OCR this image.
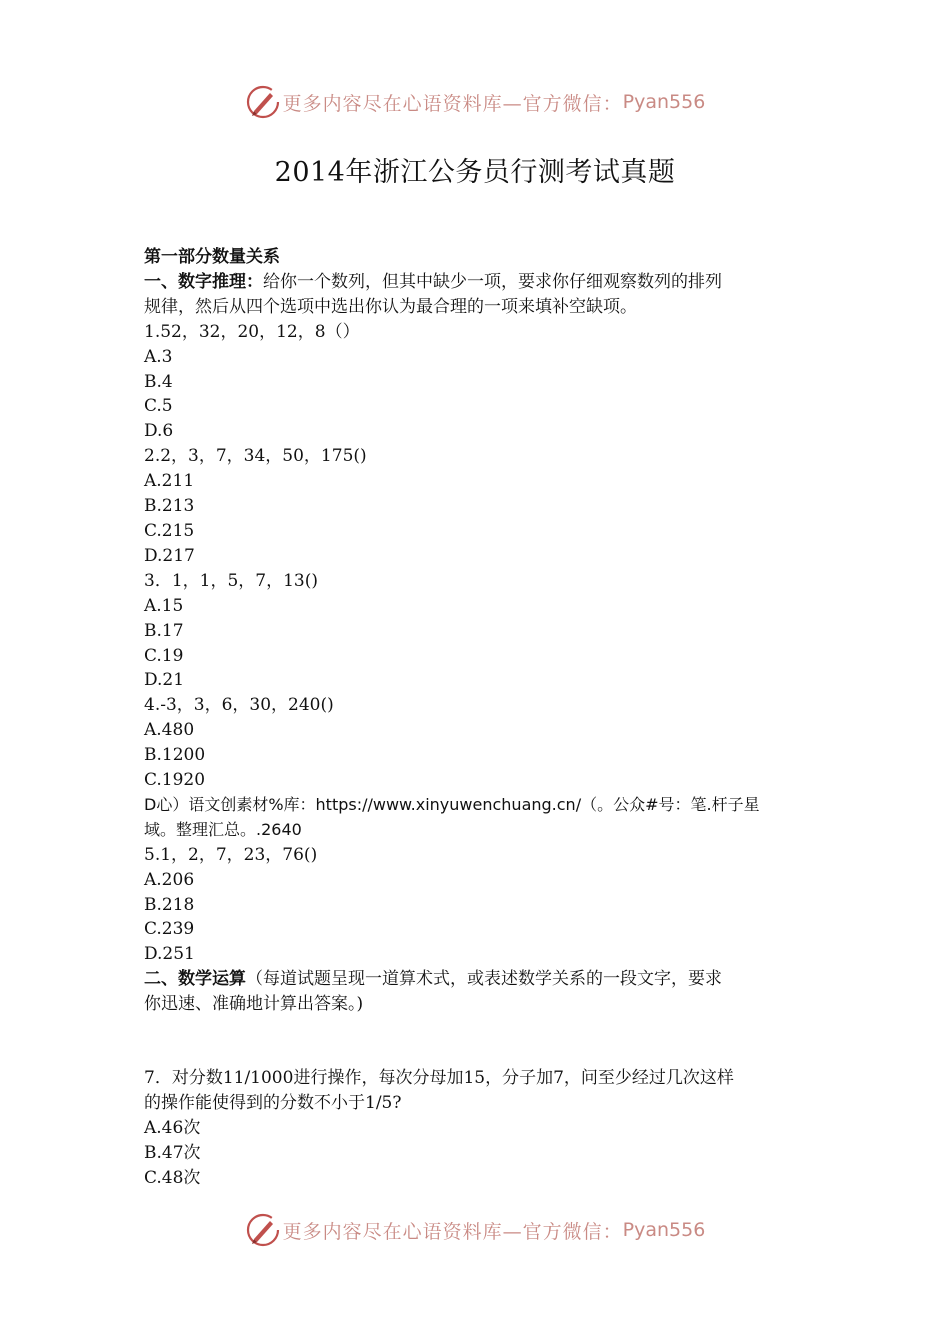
更多内容尽在心语资料库—官方微信： Pyan556
2014年浙江公务员行测考试真题
第一部分数量关系
一、数字推理：给你一个数列，但其中缺少一项，要求你仔细观察数列的排列
规律，然后从四个选项中选出你认为最合理的一项来填补空缺项。
1.52，32，20，12，8（）
A.3
B.4
C.5
D.6
2.2，3，7，34，50，175()
A.211
B.213
C.215
D.217
3．1，1，5，7，13()
A.15
B.17
C.19
D.21
4.-3，3，6，30，240()
A.480
B.1200
C.1920
D心）语文创素材%库：https://www.xinyuwenchuang.cn/（。公众#号：笔.杆子星
域。整理汇总。.2640
5.1，2，7，23，76()
A.206
B.218
C.239
D.251
二、数学运算（每道试题呈现一道算术式，或表述数学关系的一段文字，要求
你迅速、准确地计算出答案。)
7．对分数11/1000进行操作，每次分母加15，分子加7，问至少经过几次这样
的操作能使得到的分数不小于1/5?
A.46次
B.47次
C.48次
更多内容尽在心语资料库—官方微信： Pyan556
